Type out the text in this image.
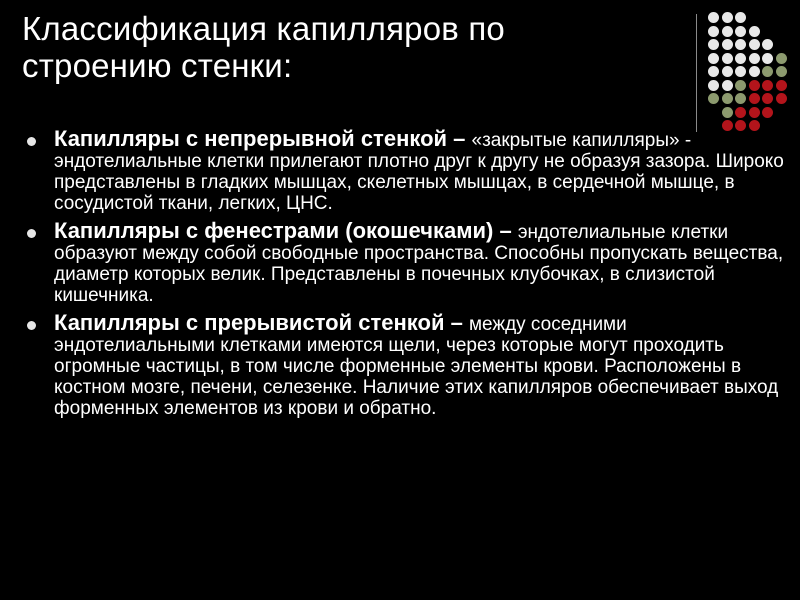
Классификация капилляров по строению стенки:
Капилляры с непрерывной стенкой – «закрытые капилляры» - эндотелиальные клетки прилегают плотно друг к другу не образуя зазора. Широко представлены в гладких мышцах, скелетных мышцах, в сердечной мышце, в сосудистой ткани, легких, ЦНС.
Капилляры с фенестрами (окошечками) – эндотелиальные клетки образуют между собой свободные пространства. Способны пропускать вещества, диаметр которых велик. Представлены в почечных клубочках, в слизистой кишечника.
Капилляры с прерывистой стенкой – между соседними эндотелиальными клетками имеются щели, через которые могут проходить огромные частицы, в том числе форменные элементы крови. Расположены в костном мозге, печени, селезенке. Наличие этих капилляров обеспечивает выход форменных элементов из крови и обратно.
